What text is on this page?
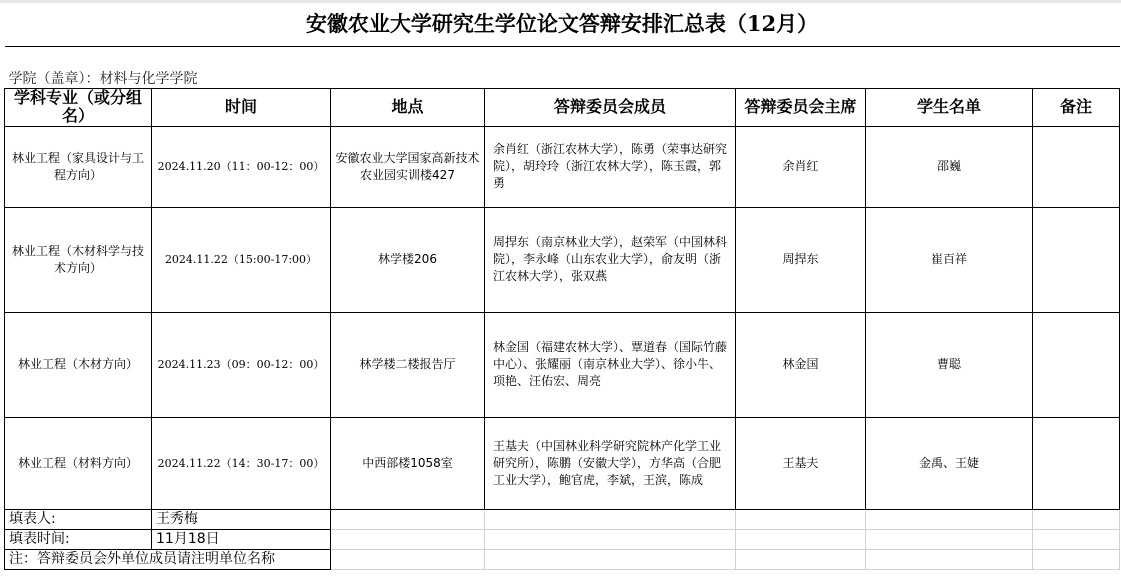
安徽农业大学研究生学位论文答辩安排汇总表（12月）						
学院（盖章）：材料与化学学院						
学科专业（或分组名）	时间	地点	答辩委员会成员	答辩委员会主席	学生名单	备注
林业工程（家具设计与工程方向）	2024.11.20（11：00-12：00）	安徽农业大学国家高新技术农业园实训楼427	余肖红（浙江农林大学），陈勇（荣事达研究院），胡玲玲（浙江农林大学），陈玉霞，郭勇	余肖红	邵巍	
林业工程（木材科学与技术方向）	2024.11.22（15:00-17:00）	林学楼206	周捍东（南京林业大学），赵荣军（中国林科院），李永峰（山东农业大学），俞友明（浙江农林大学），张双燕	周捍东	崔百祥	
林业工程（木材方向）	2024.11.23（09：00-12：00）	林学楼二楼报告厅	林金国（福建农林大学）、覃道春（国际竹藤中心）、张耀丽（南京林业大学）、徐小牛、项艳、汪佑宏、周亮	林金国	曹聪	
林业工程（材料方向）	2024.11.22（14：30-17：00）	中西部楼1058室	王基夫（中国林业科学研究院林产化学工业研究所），陈鹏（安徽大学），方华高（合肥工业大学），鲍官虎，李斌，王滨，陈成	王基夫	金禹、王婕	
填表人:	王秀梅					
填表时间:	11月18日					
注：答辩委员会外单位成员请注明单位名称						
